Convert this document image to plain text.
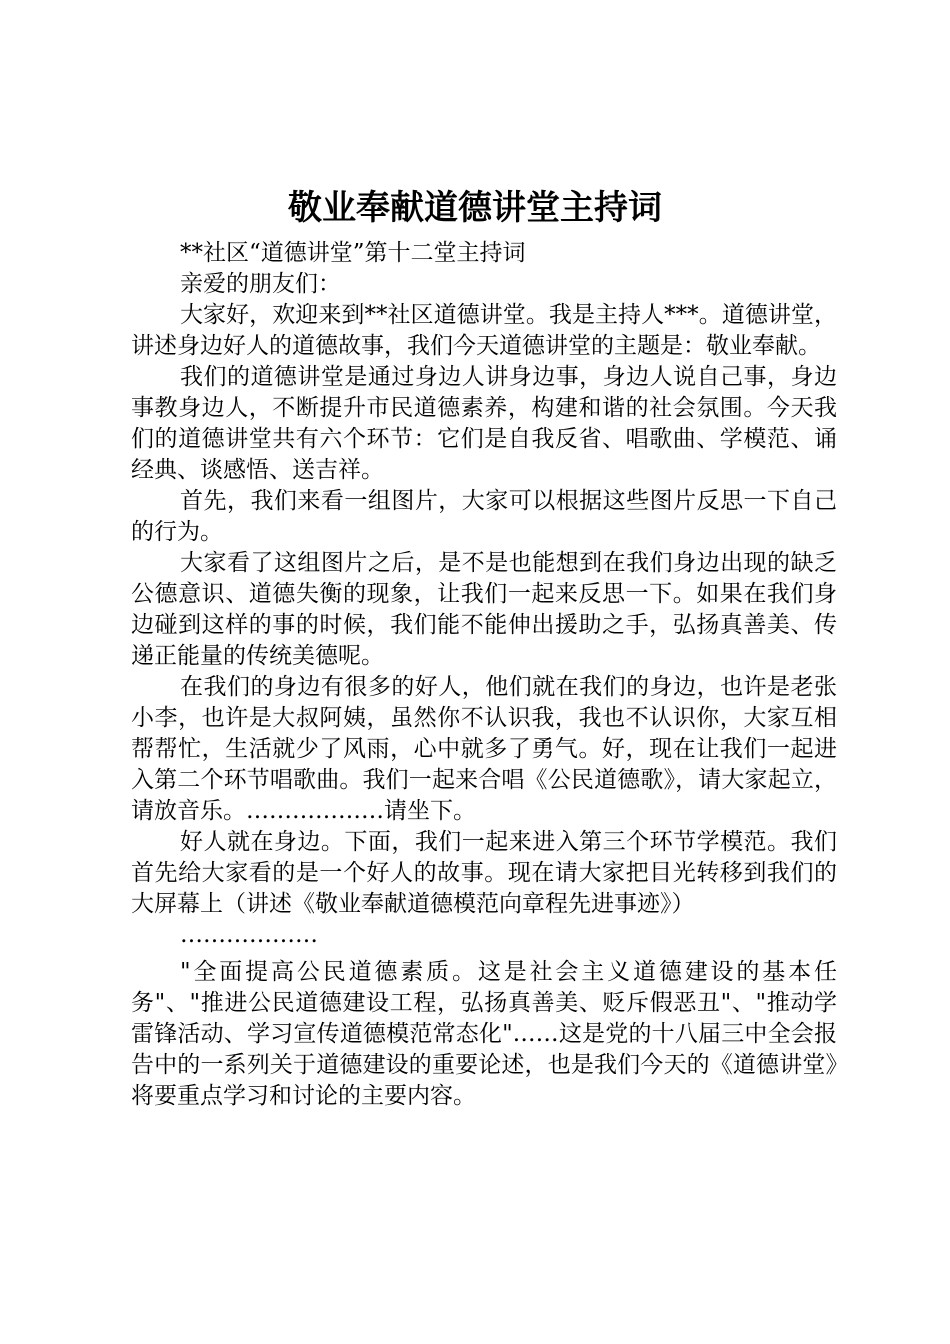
敬业奉献道德讲堂主持词

**社区“道德讲堂”第十二堂主持词

亲爱的朋友们：

大家好，欢迎来到**社区道德讲堂。我是主持人***。道德讲堂，讲述身边好人的道德故事，我们今天道德讲堂的主题是：敬业奉献。

我们的道德讲堂是通过身边人讲身边事，身边人说自己事，身边事教身边人，不断提升市民道德素养，构建和谐的社会氛围。今天我们的道德讲堂共有六个环节：它们是自我反省、唱歌曲、学模范、诵经典、谈感悟、送吉祥。

首先，我们来看一组图片，大家可以根据这些图片反思一下自己的行为。

大家看了这组图片之后，是不是也能想到在我们身边出现的缺乏公德意识、道德失衡的现象，让我们一起来反思一下。如果在我们身边碰到这样的事的时候，我们能不能伸出援助之手，弘扬真善美、传递正能量的传统美德呢。

在我们的身边有很多的好人，他们就在我们的身边，也许是老张小李，也许是大叔阿姨，虽然你不认识我，我也不认识你，大家互相帮帮忙，生活就少了风雨，心中就多了勇气。好，现在让我们一起进入第二个环节唱歌曲。我们一起来合唱《公民道德歌》，请大家起立，请放音乐。………………请坐下。

好人就在身边。下面，我们一起来进入第三个环节学模范。我们首先给大家看的是一个好人的故事。现在请大家把目光转移到我们的大屏幕上（讲述《敬业奉献道德模范向章程先进事迹》）

………………

"全面提高公民道德素质。这是社会主义道德建设的基本任务"、"推进公民道德建设工程，弘扬真善美、贬斥假恶丑"、"推动学雷锋活动、学习宣传道德模范常态化"……这是党的十八届三中全会报告中的一系列关于道德建设的重要论述，也是我们今天的《道德讲堂》将要重点学习和讨论的主要内容。
